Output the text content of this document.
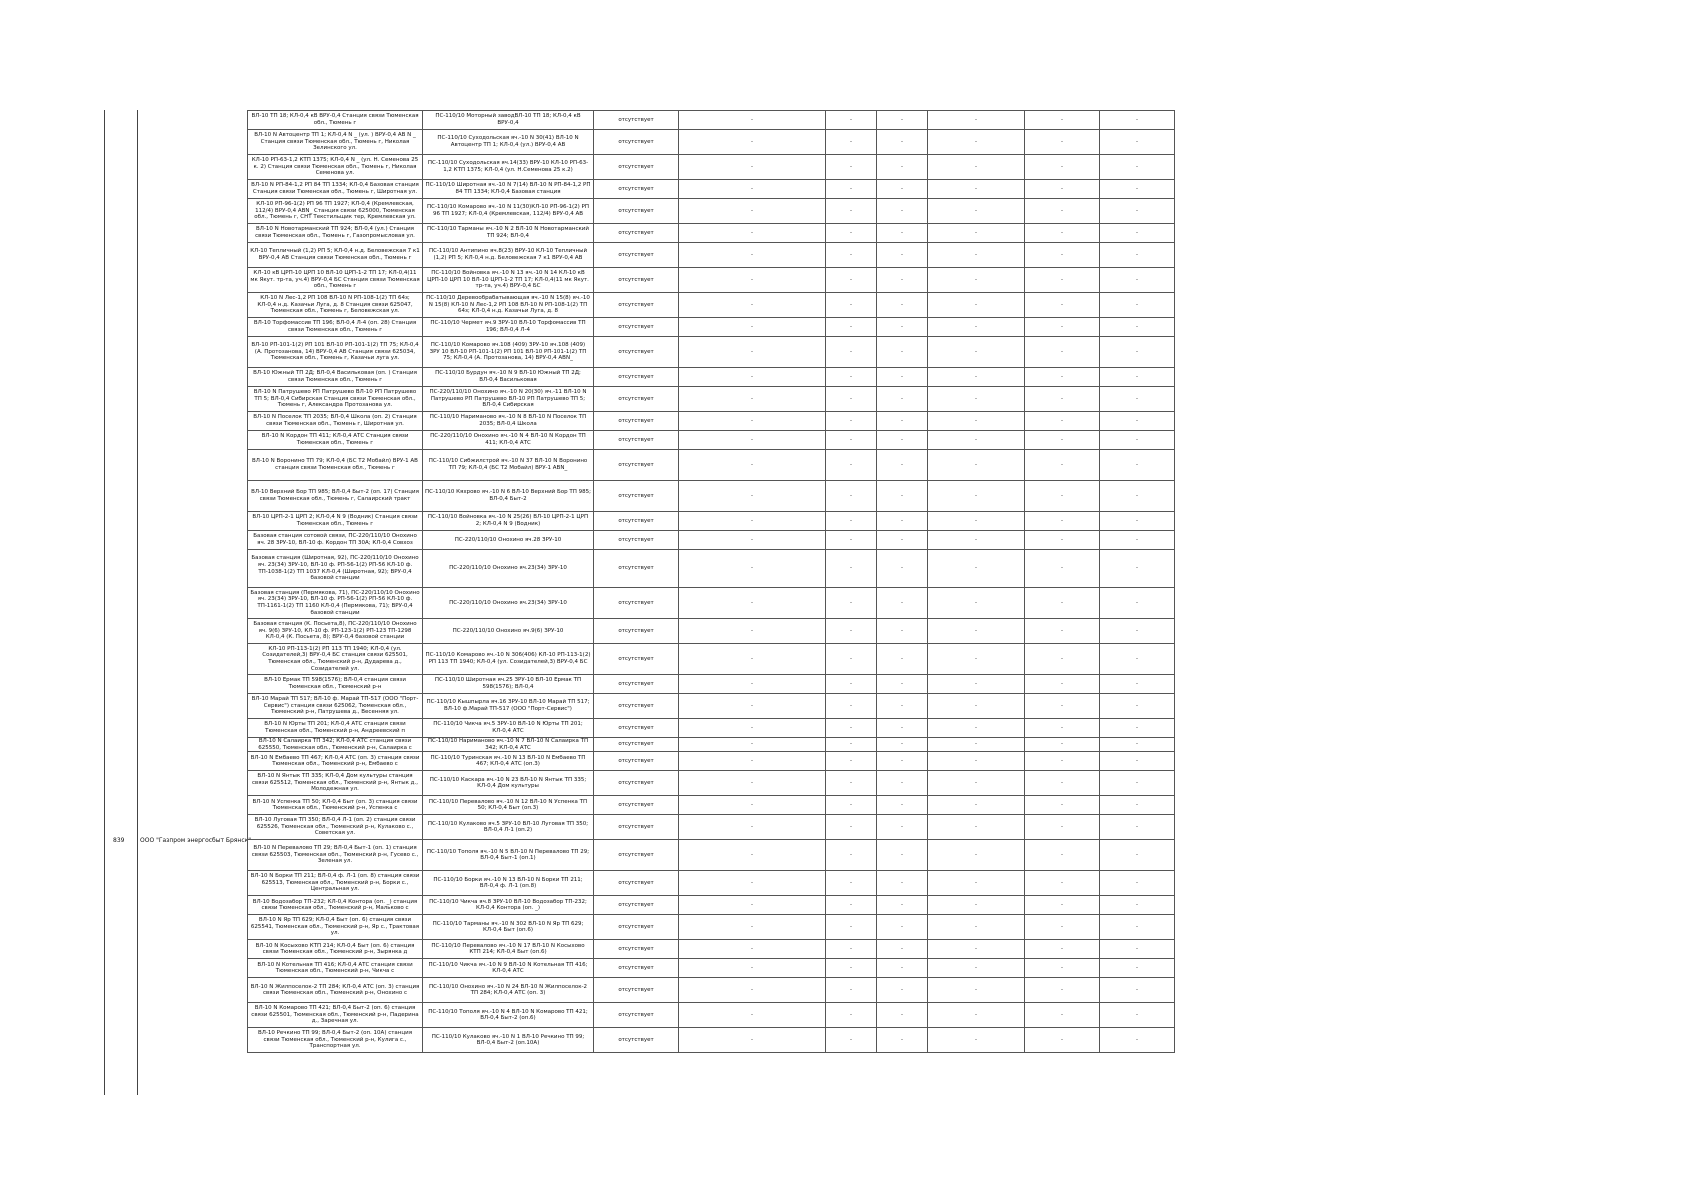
839	ООО "Газпром энергосбыт Брянск"
ВЛ-10 ТП 18; КЛ-0,4 кВ ВРУ-0,4 Станция связи Тюменская обл., Тюмень г	ПС-110/10 Моторный заводВЛ-10 ТП 18; КЛ-0,4 кВ ВРУ-0,4	отсутствует	-	-	-	-	-	-
ВЛ-10 N Автоцентр ТП 1; КЛ-0,4 N _ (ул. ) ВРУ-0,4 АВ N _ Станция связи Тюменская обл., Тюмень г, Николая Зелинского ул.	ПС-110/10 Суходольская яч.-10 N 30(41) ВЛ-10 N Автоцентр ТП 1; КЛ-0,4 (ул.) ВРУ-0,4 АВ	отсутствует	-	-	-	-	-	-
КЛ-10 РП-63-1,2 КТП 1375; КЛ-0,4 N _ (ул. Н. Семенова 25 к. 2) Станция связи Тюменская обл., Тюмень г, Николая Семенова ул.	ПС-110/10 Суходольская яч.14(33) ВРУ-10 КЛ-10 РП-63-1,2 КТП 1375; КЛ-0,4 (ул. Н.Семенова 25 к.2)	отсутствует	-	-	-	-	-	-
ВЛ-10 N РП-84-1,2 РП 84 ТП 1334; КЛ-0,4 Базовая станция Станция связи Тюменская обл., Тюмень г, Широтная ул.	ПС-110/10 Широтная яч.-10 N 7(14) ВЛ-10 N РП-84-1,2 РП 84 ТП 1334; КЛ-0,4 Базовая станция	отсутствует	-	-	-	-	-	-
КЛ-10 РП-96-1(2) РП 96 ТП 1927; КЛ-0,4 (Кремлевская, 112/4) ВРУ-0,4 АВN_ Станция связи 625000, Тюменская обл., Тюмень г, СНТ Текстильщик тер, Кремлевская ул.	ПС-110/10 Комарово яч.-10 N 11(30)КЛ-10 РП-96-1(2) РП 96 ТП 1927; КЛ-0,4 (Кремлевская, 112/4) ВРУ-0,4 АВ	отсутствует	-	-	-	-	-	-
ВЛ-10 N Новотарманский ТП 924; ВЛ-0,4 (ул.) Станция связи Тюменская обл., Тюмень г, Газопромысловая ул.	ПС-110/10 Тарманы яч.-10 N 2 ВЛ-10 N Новотарманский ТП 924; ВЛ-0,4	отсутствует	-	-	-	-	-	-
КЛ-10 Тепличный (1,2) РП 5; КЛ-0,4 н.д. Беловежская 7 к1 ВРУ-0,4 АВ Станция связи Тюменская обл., Тюмень г	ПС-110/10 Антипино яч.8(23) ВРУ-10 КЛ-10 Тепличный (1,2) РП 5; КЛ-0,4 н.д. Беловежская 7 к1 ВРУ-0,4 АВ	отсутствует	-	-	-	-	-	-
КЛ-10 кВ ЦРП-10 ЦРП 10 ВЛ-10 ЦРП-1-2 ТП 17; КЛ-0,4(11 мк Якут. тр-та, уч.4) ВРУ-0,4 БС Станция связи Тюменская обл., Тюмень г	ПС-110/10 Войновка яч.-10 N 13 яч.-10 N 14 КЛ-10 кВ ЦРП-10 ЦРП 10 ВЛ-10 ЦРП-1-2 ТП 17; КЛ-0,4(11 мк Якут. тр-та, уч.4) ВРУ-0,4 БС	отсутствует	-	-	-	-	-	-
КЛ-10 N Лес-1,2 РП 108 ВЛ-10 N РП-108-1(2) ТП 64з; КЛ-0,4 н.д. Казачьи Луга, д. 8 Станция связи 625047, Тюменская обл., Тюмень г, Беловежская ул.	ПС-110/10 Деревообрабатывающая яч.-10 N 15(8) яч.-10 N 15(8) КЛ-10 N Лес-1,2 РП 108 ВЛ-10 N РП-108-1(2) ТП 64з; КЛ-0,4 н.д. Казачьи Луга, д. 8	отсутствует	-	-	-	-	-	-
ВЛ-10 Торфомассив ТП 196; ВЛ-0,4 Л-4 (оп. 28) Станция связи Тюменская обл., Тюмень г	ПС-110/10 Чермет яч.9 ЗРУ-10 ВЛ-10 Торфомассив ТП 196; ВЛ-0,4 Л-4	отсутствует	-	-	-	-	-	-
ВЛ-10 РП-101-1(2) РП 101 ВЛ-10 РП-101-1(2) ТП 75; КЛ-0,4 (А. Протозанова, 14) ВРУ-0,4 АВ Станция связи 625034, Тюменская обл., Тюмень г, Казачьи луга ул.	ПС-110/10 Комарово яч.108 (409) ЗРУ-10 яч.108 (409) ЗРУ 10 ВЛ-10 РП-101-1(2) РП 101 ВЛ-10 РП-101-1(2) ТП 75; КЛ-0,4 (А. Протозанова, 14) ВРУ-0,4 АВN_	отсутствует	-	-	-	-	-	-
ВЛ-10 Южный ТП 2Д; ВЛ-0,4 Васильковая (оп. ) Станция связи Тюменская обл., Тюмень г	ПС-110/10 Бурдун яч.-10 N 9 ВЛ-10 Южный ТП 2Д; ВЛ-0,4 Васильковая	отсутствует	-	-	-	-	-	-
ВЛ-10 N Патрушево РП Патрушево ВЛ-10 РП Патрушево ТП 5; ВЛ-0,4 Сибирская Станция связи Тюменская обл., Тюмень г, Александра Протозанова ул.	ПС-220/110/10 Онохино яч.-10 N 20(30) яч.-11 ВЛ-10 N Патрушево РП Патрушево ВЛ-10 РП Патрушево ТП 5; ВЛ-0,4 Сибирская	отсутствует	-	-	-	-	-	-
ВЛ-10 N Поселок ТП 2035; ВЛ-0,4 Школа (оп. 2) Станция связи Тюменская обл., Тюмень г, Широтная ул.	ПС-110/10 Нариманово яч.-10 N 8 ВЛ-10 N Поселок ТП 2035; ВЛ-0,4 Школа	отсутствует	-	-	-	-	-	-
ВЛ-10 N Кордон ТП 411; КЛ-0,4 АТС Станция связи Тюменская обл., Тюмень г	ПС-220/110/10 Онохино яч.-10 N 4 ВЛ-10 N Кордон ТП 411; КЛ-0,4 АТС	отсутствует	-	-	-	-	-	-
ВЛ-10 N Воронино ТП 79; КЛ-0,4 (БС Т2 Мобайл) ВРУ-1 АВ станция связи Тюменская обл., Тюмень г	ПС-110/10 Сибжилстрой яч.-10 N 37 ВЛ-10 N Воронино ТП 79; КЛ-0,4 (БС Т2 Мобайл) ВРУ-1 АВN_	отсутствует	-	-	-	-	-	-
ВЛ-10 Верхний Бор ТП 985; ВЛ-0,4 Быт-2 (оп. 17) Станция связи Тюменская обл., Тюмень г, Салаирский тракт	ПС-110/10 Кяхрово яч.-10 N 6 ВЛ-10 Верхний Бор ТП 985; ВЛ-0,4 Быт-2	отсутствует	-	-	-	-	-	-
ВЛ-10 ЦРП-2-1 ЦРП 2; КЛ-0,4 N 9 (Водник) Станция связи Тюменская обл., Тюмень г	ПС-110/10 Войновка яч.-10 N 25(26) ВЛ-10 ЦРП-2-1 ЦРП 2; КЛ-0,4 N 9 (Водник)	отсутствует	-	-	-	-	-	-
Базовая станция сотовой связи, ПС-220/110/10 Онохино яч. 28 ЗРУ-10, ВЛ-10 ф. Кордон ТП 30А; КЛ-0,4 Совхоз	ПС-220/110/10 Онохино яч.28 ЗРУ-10	отсутствует	-	-	-	-	-	-
Базовая станция (Широтная, 92), ПС-220/110/10 Онохино яч. 23(34) ЗРУ-10, ВЛ-10 ф. РП-56-1(2) РП-56 КЛ-10 ф. ТП-1038-1(2) ТП 1037 КЛ-0,4 (Широтная, 92); ВРУ-0,4 базовой станции	ПС-220/110/10 Онохино яч.23(34) ЗРУ-10	отсутствует	-	-	-	-	-	-
Базовая станция (Пермякова, 71), ПС-220/110/10 Онохино яч. 23(34) ЗРУ-10, ВЛ-10 ф. РП-56-1(2) РП-56 КЛ-10 ф. ТП-1161-1(2) ТП 1160 КЛ-0,4 (Пермякова, 71); ВРУ-0,4 базовой станции	ПС-220/110/10 Онохино яч.23(34) ЗРУ-10	отсутствует	-	-	-	-	-	-
Базовая станция (К. Посьета,8), ПС-220/110/10 Онохино яч. 9(6) ЗРУ-10, КЛ-10 ф. РП-123-1(2) РП-123 ТП-1298 КЛ-0,4 (К. Посьета, 8); ВРУ-0,4 базовой станции	ПС-220/110/10 Онохино яч.9(6) ЗРУ-10	отсутствует	-	-	-	-	-	-
КЛ-10 РП-113-1(2) РП 113 ТП 1940; КЛ-0,4 (ул. Созидателей,3) ВРУ-0,4 БС станция связи 625501, Тюменская обл., Тюменский р-н, Дударева д., Созидателей ул.	ПС-110/10 Комарово яч.-10 N 306(406) КЛ-10 РП-113-1(2) РП 113 ТП 1940; КЛ-0,4 (ул. Созидателей,3) ВРУ-0,4 БС	отсутствует	-	-	-	-	-	-
ВЛ-10 Ермак ТП 598(1576); ВЛ-0,4 станция связи Тюменская обл., Тюменский р-н	ПС-110/10 Широтная яч.25 ЗРУ-10 ВЛ-10 Ермак ТП 598(1576); ВЛ-0,4	отсутствует	-	-	-	-	-	-
ВЛ-10 Марай ТП 517; ВЛ-10 ф. Марай ТП-517 (ООО "Порт-Сервис") станция связи 625062, Тюменская обл., Тюменский р-н, Патрушева д., Весенняя ул.	ПС-110/10 Кышпырла яч.16 ЗРУ-10 ВЛ-10 Марай ТП 517; ВЛ-10 ф.Марай ТП-517 (ООО "Порт-Сервис")	отсутствует	-	-	-	-	-	-
ВЛ-10 N Юрты ТП 201; КЛ-0,4 АТС станция связи Тюменская обл., Тюменский р-н, Андреевский п	ПС-110/10 Чикча яч.5 ЗРУ-10 ВЛ-10 N Юрты ТП 201; КЛ-0,4 АТС	отсутствует	-	-	-	-	-	-
ВЛ-10 N Салаирка ТП 342; КЛ-0,4 АТС станция связи 625550, Тюменская обл., Тюменский р-н, Салаирка с	ПС-110/10 Нариманово яч.-10 N 7 ВЛ-10 N Салаирка ТП 342; КЛ-0,4 АТС	отсутствует	-	-	-	-	-	-
ВЛ-10 N Ембаево ТП 467; КЛ-0,4 АТС (оп. 3) станция связи Тюменская обл., Тюменский р-н, Ембаево с	ПС-110/10 Туринская яч.-10 N 13 ВЛ-10 N Ембаево ТП 467; КЛ-0,4 АТС (оп.3)	отсутствует	-	-	-	-	-	-
ВЛ-10 N Янтык ТП 335; КЛ-0,4 Дом культуры станция связи 625512, Тюменская обл., Тюменский р-н, Янтык д., Молодежная ул.	ПС-110/10 Каскара яч.-10 N 23 ВЛ-10 N Янтык ТП 335; КЛ-0,4 Дом культуры	отсутствует	-	-	-	-	-	-
ВЛ-10 N Успенка ТП 50; КЛ-0,4 Быт (оп. 3) станция связи Тюменская обл., Тюменский р-н, Успенка с	ПС-110/10 Переваловo яч.-10 N 12 ВЛ-10 N Успенка ТП 50; КЛ-0,4 Быт (оп.3)	отсутствует	-	-	-	-	-	-
ВЛ-10 Луговая ТП 350; ВЛ-0,4 Л-1 (оп. 2) станция связи 625526, Тюменская обл., Тюменский р-н, Кулаково с., Советская ул.	ПС-110/10 Кулаково яч.5 ЗРУ-10 ВЛ-10 Луговая ТП 350; ВЛ-0,4 Л-1 (оп.2)	отсутствует	-	-	-	-	-	-
ВЛ-10 N Перевалово ТП 29; ВЛ-0,4 Быт-1 (оп. 1) станция связи 625503, Тюменская обл., Тюменский р-н, Гусево с., Зеленая ул.	ПС-110/10 Тополя яч.-10 N 5 ВЛ-10 N Перевалово ТП 29; ВЛ-0,4 Быт-1 (оп.1)	отсутствует	-	-	-	-	-	-
ВЛ-10 N Борки ТП 211; ВЛ-0,4 ф. Л-1 (оп. 8) станция связи 625513, Тюменская обл., Тюменский р-н, Борки с., Центральная ул.	ПС-110/10 Борки яч.-10 N 13 ВЛ-10 N Борки ТП 211; ВЛ-0,4 ф. Л-1 (оп.8)	отсутствует	-	-	-	-	-	-
ВЛ-10 Водозабор ТП-232; КЛ-0,4 Контора (оп. _) станция связи Тюменская обл., Тюменский р-н, Мальково с	ПС-110/10 Чикча яч.8 ЗРУ-10 ВЛ-10 Водозабор ТП-232; КЛ-0,4 Контора (оп. _)	отсутствует	-	-	-	-	-	-
ВЛ-10 N Яр ТП 629; КЛ-0,4 Быт (оп. 6) станция связи 625541, Тюменская обл., Тюменский р-н, Яр с., Трактовая ул.	ПС-110/10 Тарманы яч.-10 N 302 ВЛ-10 N Яр ТП 629; КЛ-0,4 Быт (оп.6)	отсутствует	-	-	-	-	-	-
ВЛ-10 N Косыхово КТП 214; КЛ-0,4 Быт (оп. 6) станция связи Тюменская обл., Тюменский р-н, Зырянка д	ПС-110/10 Перевалово яч.-10 N 17 ВЛ-10 N Косыхово КТП 214; КЛ-0,4 Быт (оп.6)	отсутствует	-	-	-	-	-	-
ВЛ-10 N Котельная ТП 416; КЛ-0,4 АТС станция связи Тюменская обл., Тюменский р-н, Чикча с	ПС-110/10 Чикча яч.-10 N 9 ВЛ-10 N Котельная ТП 416; КЛ-0,4 АТС	отсутствует	-	-	-	-	-	-
ВЛ-10 N Жилпоселок-2 ТП 284; КЛ-0,4 АТС (оп. 3) станция связи Тюменская обл., Тюменский р-н, Онохино с	ПС-110/10 Онохино яч.-10 N 24 ВЛ-10 N Жилпоселок-2 ТП 284; КЛ-0,4 АТС (оп. 3)	отсутствует	-	-	-	-	-	-
ВЛ-10 N Комарово ТП 421; ВЛ-0,4 Быт-2 (оп. 6) станция связи 625501, Тюменская обл., Тюменский р-н, Падерина д., Заречная ул.	ПС-110/10 Тополя яч.-10 N 4 ВЛ-10 N Комарово ТП 421; ВЛ-0,4 Быт-2 (оп.6)	отсутствует	-	-	-	-	-	-
ВЛ-10 Речкино ТП 99; ВЛ-0,4 Быт-2 (оп. 10А) станция связи Тюменская обл., Тюменский р-н, Кулига с., Транспортная ул.	ПС-110/10 Кулаково яч.-10 N 1 ВЛ-10 Речкино ТП 99; ВЛ-0,4 Быт-2 (оп.10А)	отсутствует	-	-	-	-	-	-
